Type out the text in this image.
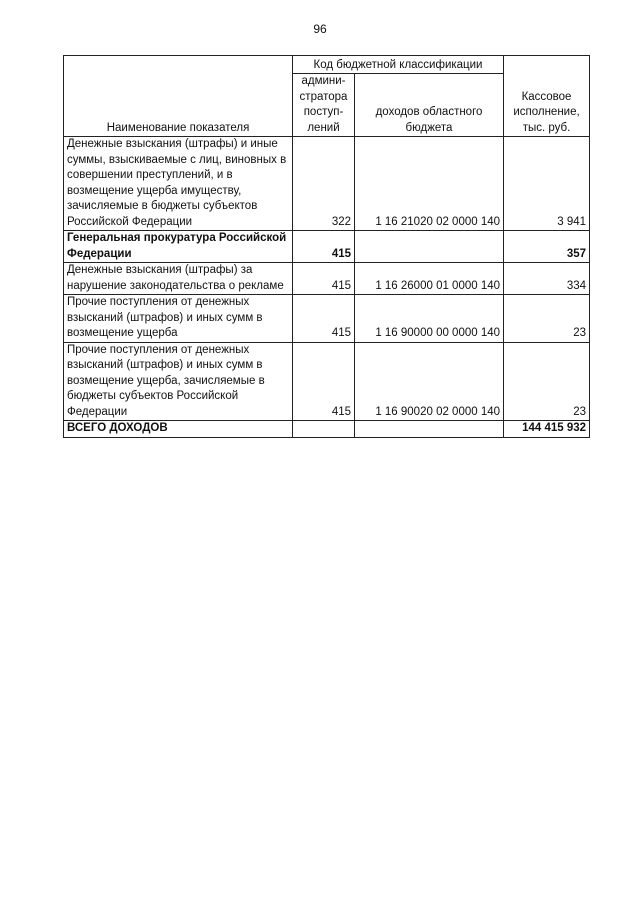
96
Наименование показателя	Код бюджетной классификации		Кассовое исполнение, тыс. руб.
	админи-стратора поступ-лений	доходов областного бюджета	
Денежные взыскания (штрафы) и иные суммы, взыскиваемые с лиц, виновных в совершении преступлений, и в возмещение ущерба имуществу, зачисляемые в бюджеты субъектов Российской Федерации	322	1 16 21020 02 0000 140	3 941
Генеральная прокуратура Российской Федерации	415		357
Денежные взыскания (штрафы) за нарушение законодательства о рекламе	415	1 16 26000 01 0000 140	334
Прочие поступления от денежных взысканий (штрафов) и иных сумм в возмещение ущерба	415	1 16 90000 00 0000 140	23
Прочие поступления от денежных взысканий (штрафов) и иных сумм в возмещение ущерба, зачисляемые в бюджеты субъектов Российской Федерации	415	1 16 90020 02 0000 140	23
ВСЕГО ДОХОДОВ			144 415 932
